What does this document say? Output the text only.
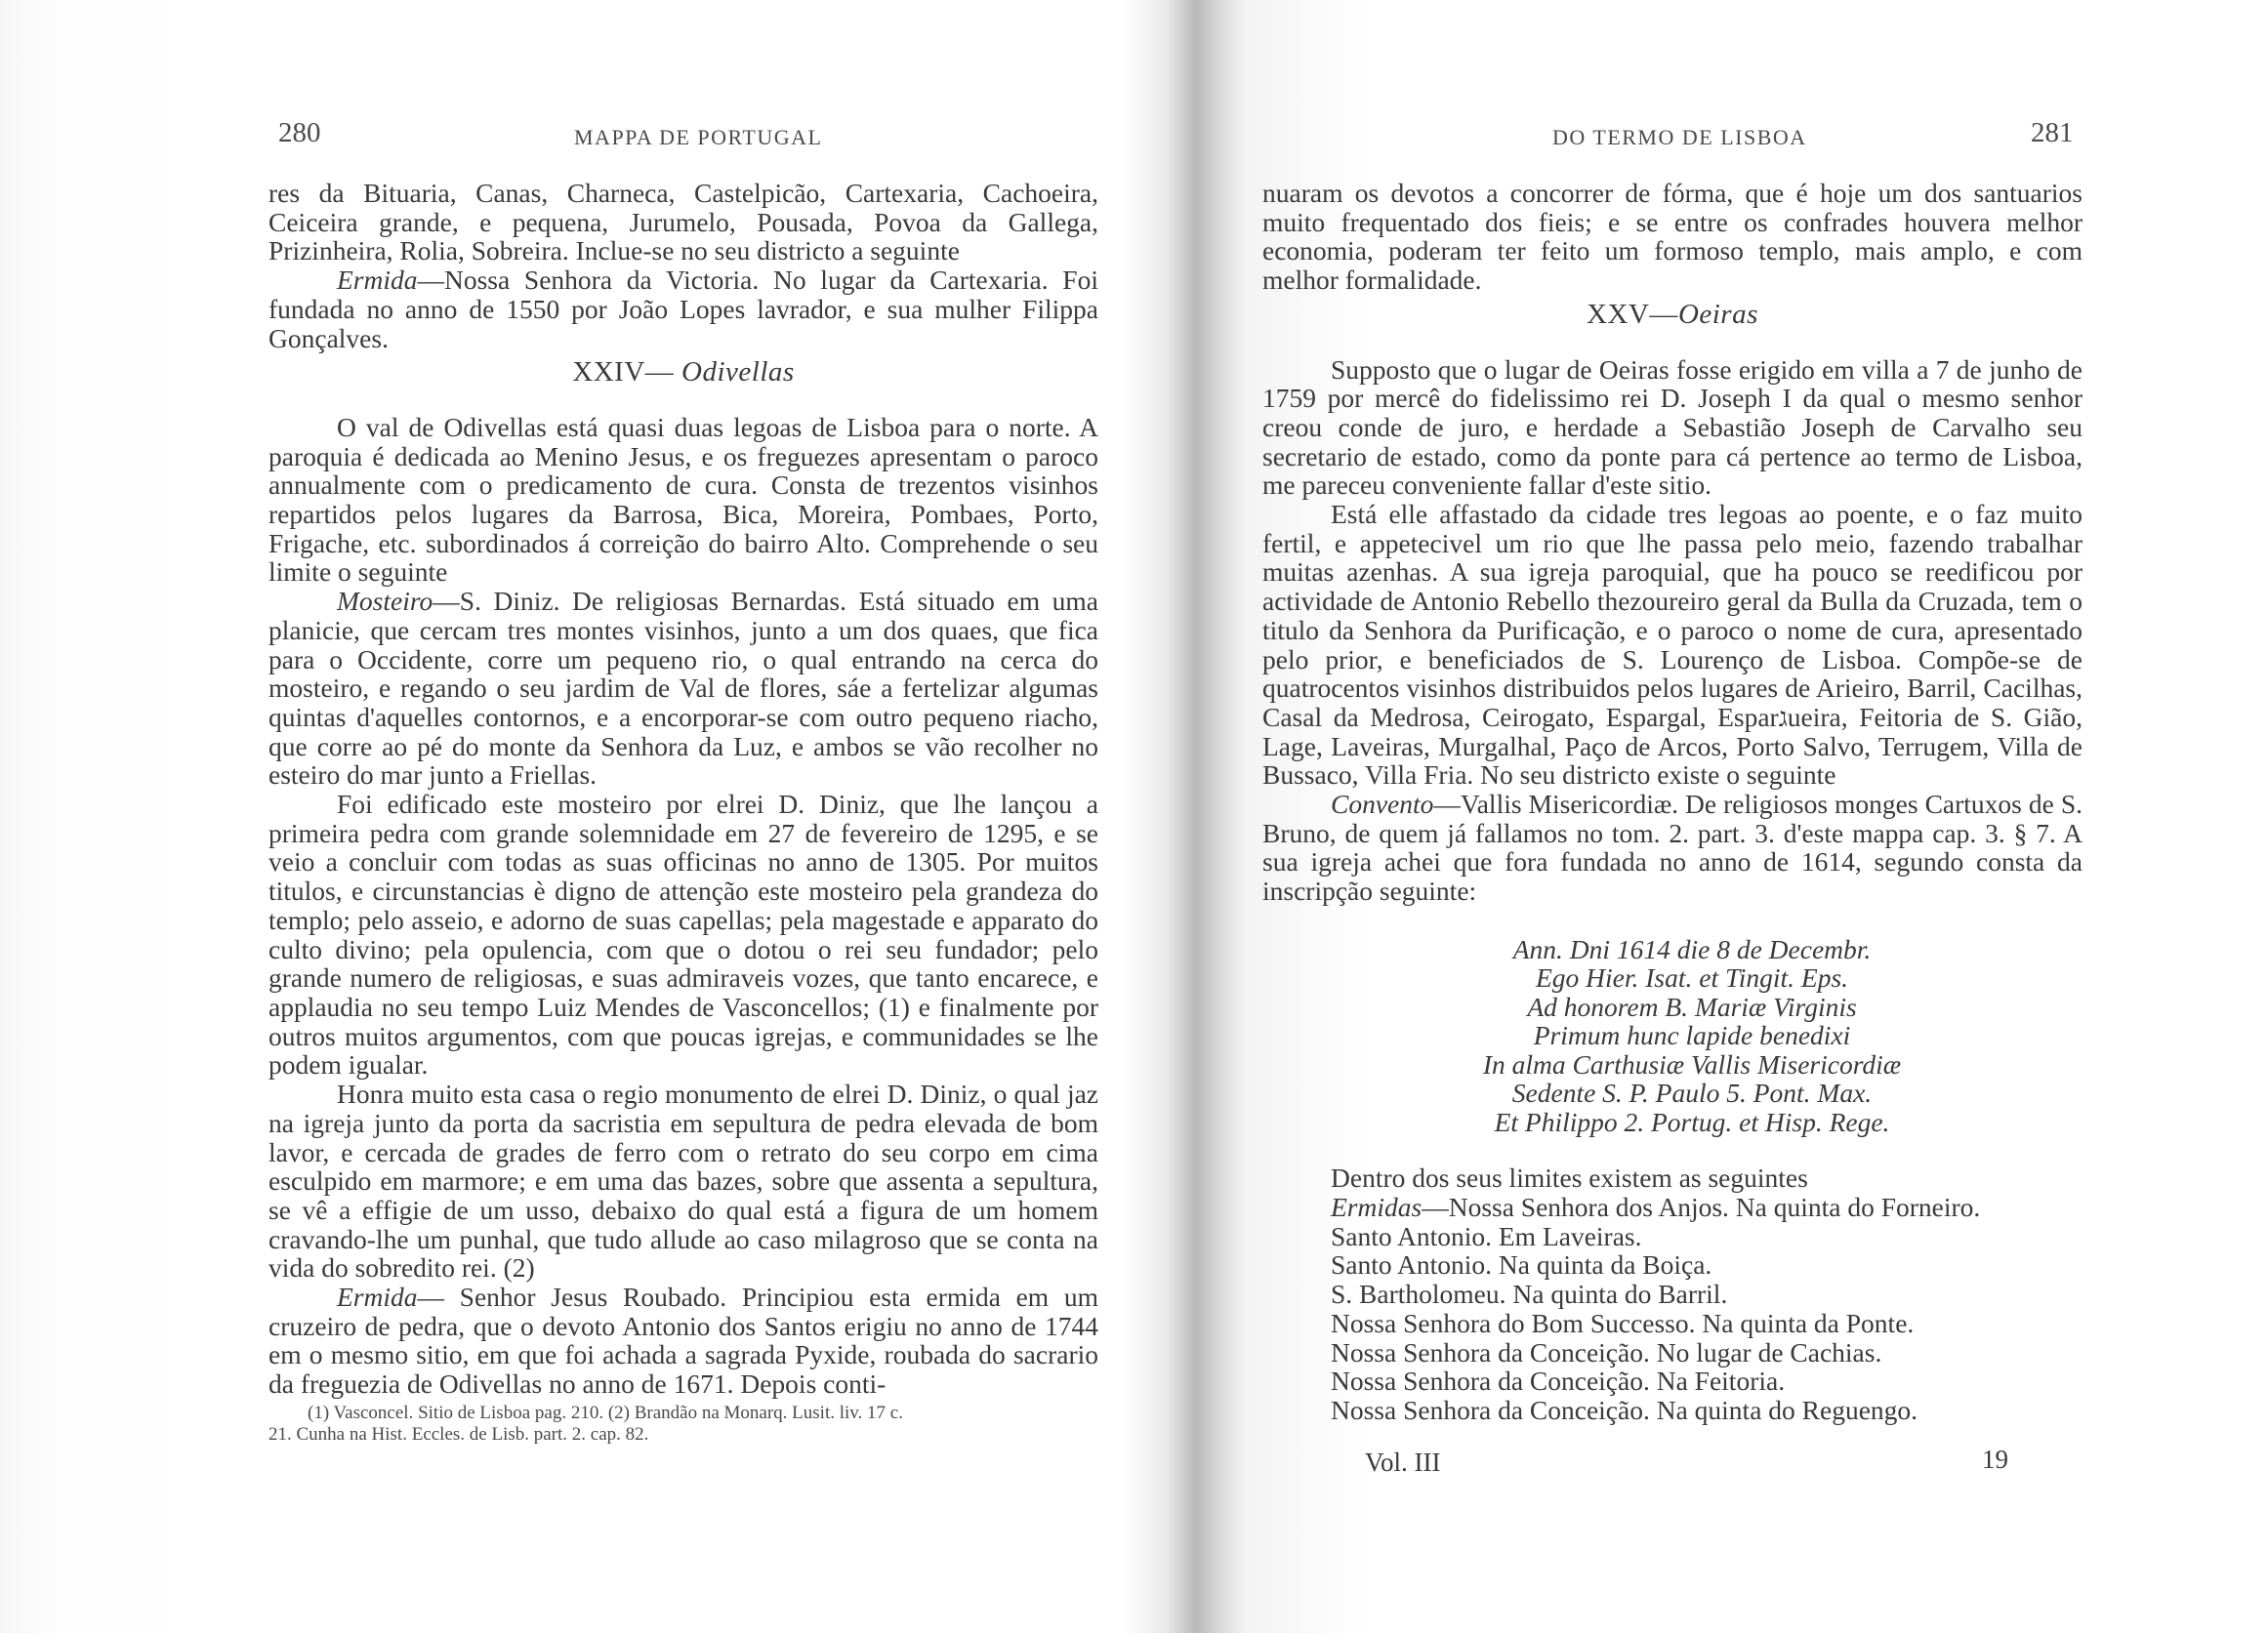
280	MAPPA DE PORTUGAL

res da Bituaria, Canas, Charneca, Castelpicão, Cartexaria, Cachoeira, Ceiceira grande, e pequena, Jurumelo, Pousada, Povoa da Gallega, Prizinheira, Rolia, Sobreira. Inclue-se no seu districto a seguinte

Ermida—Nossa Senhora da Victoria. No lugar da Cartexaria. Foi fundada no anno de 1550 por João Lopes lavrador, e sua mulher Filippa Gonçalves.

XXIV— Odivellas

O val de Odivellas está quasi duas legoas de Lisboa para o norte. A paroquia é dedicada ao Menino Jesus, e os freguezes apresentam o paroco annualmente com o predicamento de cura. Consta de trezentos visinhos repartidos pelos lugares da Barrosa, Bica, Moreira, Pombaes, Porto, Frigache, etc. subordinados á correição do bairro Alto. Comprehende o seu limite o seguinte

Mosteiro—S. Diniz. De religiosas Bernardas. Está situado em uma planicie, que cercam tres montes visinhos, junto a um dos quaes, que fica para o Occidente, corre um pequeno rio, o qual entrando na cerca do mosteiro, e regando o seu jardim de Val de flores, sáe a fertelizar algumas quintas d'aquelles contornos, e a encorporar-se com outro pequeno riacho, que corre ao pé do monte da Senhora da Luz, e ambos se vão recolher no esteiro do mar junto a Friellas.

Foi edificado este mosteiro por elrei D. Diniz, que lhe lançou a primeira pedra com grande solemnidade em 27 de fevereiro de 1295, e se veio a concluir com todas as suas officinas no anno de 1305. Por muitos titulos, e circunstancias è digno de attenção este mosteiro pela grandeza do templo; pelo asseio, e adorno de suas capellas; pela magestade e apparato do culto divino; pela opulencia, com que o dotou o rei seu fundador; pelo grande numero de religiosas, e suas admiraveis vozes, que tanto encarece, e applaudia no seu tempo Luiz Mendes de Vasconcellos; (1) e finalmente por outros muitos argumentos, com que poucas igrejas, e communidades se lhe podem igualar.

Honra muito esta casa o regio monumento de elrei D. Diniz, o qual jaz na igreja junto da porta da sacristia em sepultura de pedra elevada de bom lavor, e cercada de grades de ferro com o retrato do seu corpo em cima esculpido em marmore; e em uma das bazes, sobre que assenta a sepultura, se vê a effigie de um usso, debaixo do qual está a figura de um homem cravando-lhe um punhal, que tudo allude ao caso milagroso que se conta na vida do sobredito rei. (2)

Ermida— Senhor Jesus Roubado. Principiou esta ermida em um cruzeiro de pedra, que o devoto Antonio dos Santos erigiu no anno de 1744 em o mesmo sitio, em que foi achada a sagrada Pyxide, roubada do sacrario da freguezia de Odivellas no anno de 1671. Depois conti-

(1) Vasconcel. Sitio de Lisboa pag. 210. (2) Brandão na Monarq. Lusit. liv. 17 c.
21. Cunha na Hist. Eccles. de Lisb. part. 2. cap. 82.
DO TERMO DE LISBOA	281

nuaram os devotos a concorrer de fórma, que é hoje um dos santuarios muito frequentado dos fieis; e se entre os confrades houvera melhor economia, poderam ter feito um formoso templo, mais amplo, e com melhor formalidade.

XXV—Oeiras

Supposto que o lugar de Oeiras fosse erigido em villa a 7 de junho de 1759 por mercê do fidelissimo rei D. Joseph I da qual o mesmo senhor creou conde de juro, e herdade a Sebastião Joseph de Carvalho seu secretario de estado, como da ponte para cá pertence ao termo de Lisboa, me pareceu conveniente fallar d'este sitio.

Está elle affastado da cidade tres legoas ao poente, e o faz muito fertil, e appetecivel um rio que lhe passa pelo meio, fazendo trabalhar muitas azenhas. A sua igreja paroquial, que ha pouco se reedificou por actividade de Antonio Rebello thezoureiro geral da Bulla da Cruzada, tem o titulo da Senhora da Purificação, e o paroco o nome de cura, apresentado pelo prior, e beneficiados de S. Lourenço de Lisboa. Compõe-se de quatrocentos visinhos distribuidos pelos lugares de Arieiro, Barril, Cacilhas, Casal da Medrosa, Ceirogato, Espargal, Esparגueira, Feitoria de S. Gião, Lage, Laveiras, Murgalhal, Paço de Arcos, Porto Salvo, Terrugem, Villa de Bussaco, Villa Fria. No seu districto existe o seguinte

Convento—Vallis Misericordiæ. De religiosos monges Cartuxos de S. Bruno, de quem já fallamos no tom. 2. part. 3. d'este mappa cap. 3. § 7. A sua igreja achei que fora fundada no anno de 1614, segundo consta da inscripção seguinte:

Ann. Dni 1614 die 8 de Decembr.
Ego Hier. Isat. et Tingit. Eps.
Ad honorem B. Mariæ Virginis
Primum hunc lapide benedixi
In alma Carthusiæ Vallis Misericordiæ
Sedente S. P. Paulo 5. Pont. Max.
Et Philippo 2. Portug. et Hisp. Rege.

Dentro dos seus limites existem as seguintes

Ermidas—Nossa Senhora dos Anjos. Na quinta do Forneiro.

Santo Antonio. Em Laveiras.

Santo Antonio. Na quinta da Boiça.

S. Bartholomeu. Na quinta do Barril.

Nossa Senhora do Bom Successo. Na quinta da Ponte.

Nossa Senhora da Conceição. No lugar de Cachias.

Nossa Senhora da Conceição. Na Feitoria.

Nossa Senhora da Conceição. Na quinta do Reguengo.

Vol. III	19
